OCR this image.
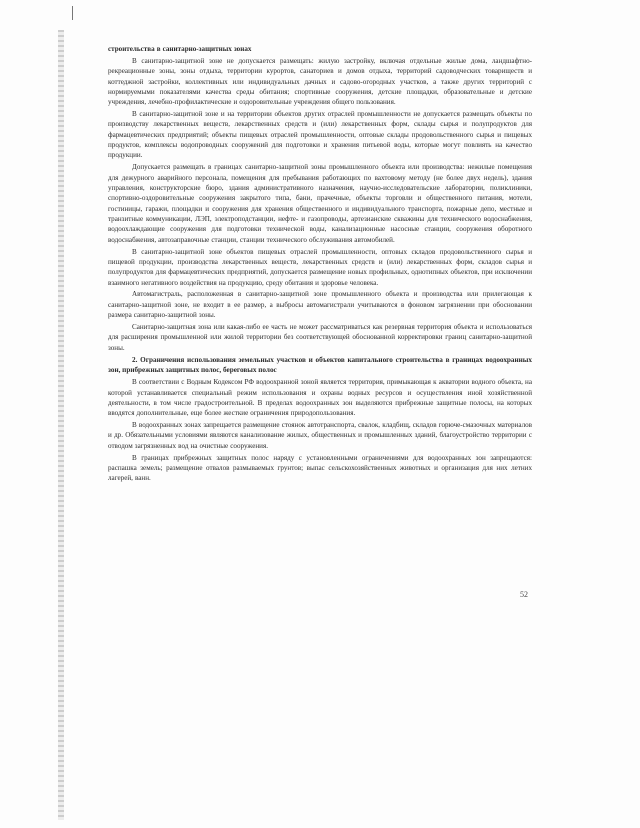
строительства в санитарно-защитных зонах

В санитарно-защитной зоне не допускается размещать: жилую застройку, включая отдельные жилые дома, ландшафтно-рекреационные зоны, зоны отдыха, территории курортов, санаториев и домов отдыха, территорий садоводческих товариществ и коттеджной застройки, коллективных или индивидуальных дачных и садово-огородных участков, а также других территорий с нормируемыми показателями качества среды обитания; спортивные сооружения, детские площадки, образовательные и детские учреждения, лечебно-профилактические и оздоровительные учреждения общего пользования.

В санитарно-защитной зоне и на территории объектов других отраслей промышленности не допускается размещать объекты по производству лекарственных веществ, лекарственных средств и (или) лекарственных форм, склады сырья и полупродуктов для фармацевтических предприятий; объекты пищевых отраслей промышленности, оптовые склады продовольственного сырья и пищевых продуктов, комплексы водопроводных сооружений для подготовки и хранения питьевой воды, которые могут повлиять на качество продукции.

Допускается размещать в границах санитарно-защитной зоны промышленного объекта или производства: нежилые помещения для дежурного аварийного персонала, помещения для пребывания работающих по вахтовому методу (не более двух недель), здания управления, конструкторские бюро, здания административного назначения, научно-исследовательские лаборатории, поликлиники, спортивно-оздоровительные сооружения закрытого типа, бани, прачечные, объекты торговли и общественного питания, мотели, гостиницы, гаражи, площадки и сооружения для хранения общественного и индивидуального транспорта, пожарные депо, местные и транзитные коммуникации, ЛЭП, электроподстанции, нефте- и газопроводы, артезианские скважины для технического водоснабжения, водоохлаждающие сооружения для подготовки технической воды, канализационные насосные станции, сооружения оборотного водоснабжения, автозаправочные станции, станции технического обслуживания автомобилей.

В санитарно-защитной зоне объектов пищевых отраслей промышленности, оптовых складов продовольственного сырья и пищевой продукции, производства лекарственных веществ, лекарственных средств и (или) лекарственных форм, складов сырья и полупродуктов для фармацевтических предприятий, допускается размещение новых профильных, однотипных объектов, при исключении взаимного негативного воздействия на продукцию, среду обитания и здоровье человека.

Автомагистраль, расположенная в санитарно-защитной зоне промышленного объекта и производства или прилегающая к санитарно-защитной зоне, не входит в ее размер, а выбросы автомагистрали учитываются в фоновом загрязнении при обосновании размера санитарно-защитной зоны.

Санитарно-защитная зона или какая-либо ее часть не может рассматриваться как резервная территория объекта и использоваться для расширения промышленной или жилой территории без соответствующей обоснованной корректировки границ санитарно-защитной зоны.

2. Ограничения использования земельных участков и объектов капитального строительства в границах водоохранных зон, прибрежных защитных полос, береговых полос

В соответствии с Водным Кодексом РФ водоохранной зоной является территория, примыкающая к акватории водного объекта, на которой устанавливается специальный режим использования и охраны водных ресурсов и осуществления иной хозяйственной деятельности, в том числе градостроительной. В пределах водоохранных зон выделяются прибрежные защитные полосы, на которых вводятся дополнительные, еще более жесткие ограничения природопользования.

В водоохранных зонах запрещается размещение стоянок автотранспорта, свалок, кладбищ, складов горюче-смазочных материалов и др. Обязательными условиями являются канализование жилых, общественных и промышленных зданий, благоустройство территории с отводом загрязненных вод на очистные сооружения.

В границах прибрежных защитных полос наряду с установленными ограничениями для водоохранных зон запрещаются: распашка земель; размещение отвалов размываемых грунтов; выпас сельскохозяйственных животных и организация для них летних лагерей, ванн.

52
